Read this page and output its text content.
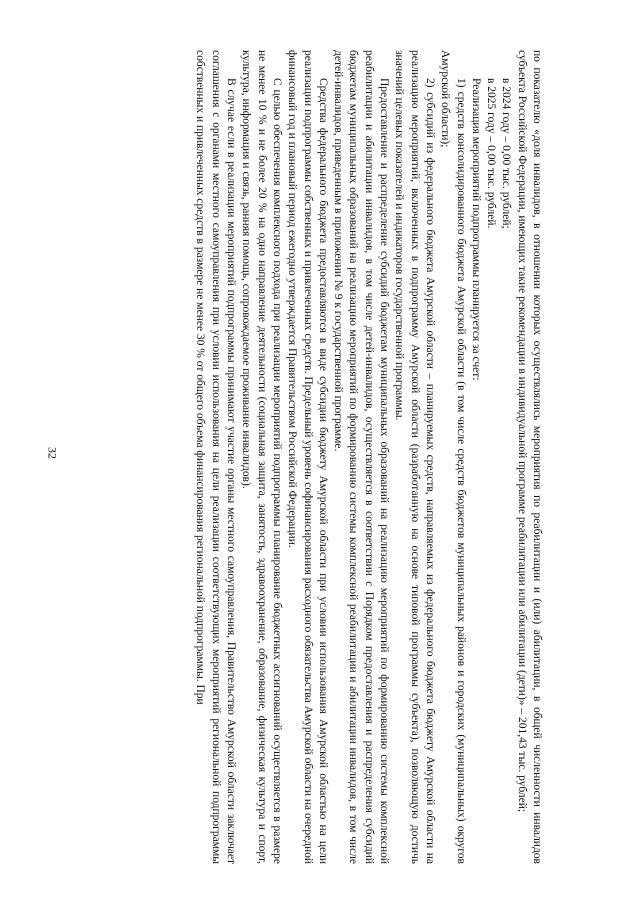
32	по показателю «доля инвалидов, в отношении которых осуществлялись мероприятия по реабилитации и (или) абилитации, в общей численности инвалидов субъекта Российской Федерации, имеющих такие рекомендации в индивидуальной программе реабилитации или абилитации (дети)» – 201,43 тыс. рублей;

в 2024 году – 0,00 тыс. рублей;

в 2025 году – 0,00 тыс. рублей.

Реализация мероприятий подпрограммы планируется за счет:

1) средств консолидированного бюджета Амурской области (в том числе средств бюджетов муниципальных районов и городских (муниципальных) округов Амурской области);

2) субсидий из федерального бюджета Амурской области – планируемых средств, направляемых из федерального бюджета бюджету Амурской области на реализацию мероприятий, включенных в подпрограмму Амурской области (разработанную на основе типовой программы субъекта), позволяющую достичь значений целевых показателей и индикаторов государственной программы.

Предоставление и распределение субсидий бюджетам муниципальных образований на реализацию мероприятий по формированию системы комплексной реабилитации и абилитации инвалидов, в том числе детей-инвалидов, осуществляется в соответствии с Порядком предоставления и распределения субсидий бюджетам муниципальных образований на реализацию мероприятий по формированию системы комплексной реабилитации и абилитации инвалидов, в том числе детей-инвалидов, приведенным в приложении № 9 к государственной программе.

Средства федерального бюджета предоставляются в виде субсидии бюджету Амурской области при условии использования Амурской областью на цели реализации подпрограммы собственных и привлеченных средств. Предельный уровень софинансирования расходного обязательства Амурской области на очередной финансовый год и плановый период ежегодно утверждается Правительством Российской Федерации.

С целью обеспечения комплексного подхода при реализации мероприятий подпрограммы планирование бюджетных ассигнований осуществляется в размере не менее 10 % и не более 20 % на одно направление деятельности (социальная защита, занятость, здравоохранение, образование, физическая культура и спорт, культура, информация и связь, ранняя помощь, сопровождаемое проживание инвалидов).

В случае если в реализации мероприятий подпрограммы принимают участие органы местного самоуправления, Правительство Амурской области заключает соглашения с органами местного самоуправления при условии использования на цели реализации соответствующих мероприятий региональной подпрограммы собственных и привлеченных средств в размере не менее 30 % от общего объема финансирования региональной подпрограммы. При
